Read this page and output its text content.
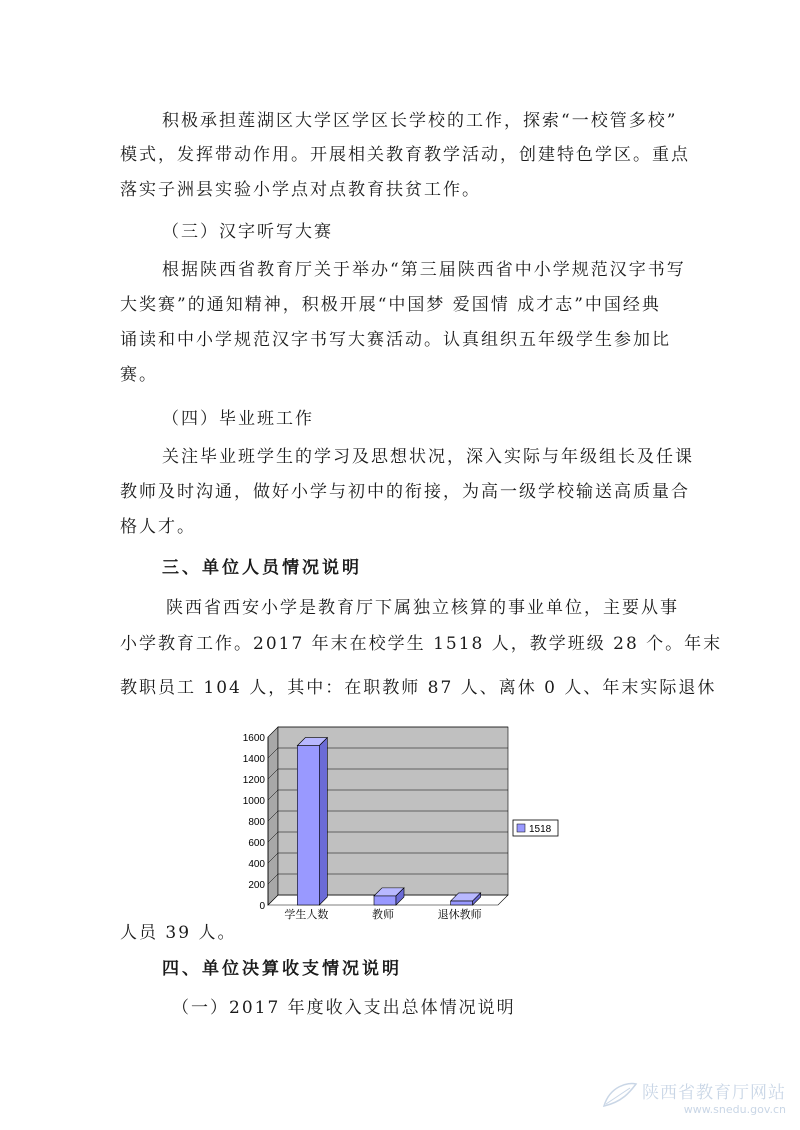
积极承担莲湖区大学区学区长学校的工作，探索“一校管多校”
模式，发挥带动作用。开展相关教育教学活动，创建特色学区。重点
落实子洲县实验小学点对点教育扶贫工作。
（三）汉字听写大赛
根据陕西省教育厅关于举办“第三届陕西省中小学规范汉字书写
大奖赛”的通知精神，积极开展“中国梦 爱国情 成才志”中国经典
诵读和中小学规范汉字书写大赛活动。认真组织五年级学生参加比
赛。
（四）毕业班工作
关注毕业班学生的学习及思想状况，深入实际与年级组长及任课
教师及时沟通，做好小学与初中的衔接，为高一级学校输送高质量合
格人才。
三、单位人员情况说明
陕西省西安小学是教育厅下属独立核算的事业单位，主要从事
小学教育工作。2017 年末在校学生 1518 人，教学班级 28 个。年末
教职员工 104 人，其中：在职教师 87 人、离休 0 人、年末实际退休
0
200
400
600
800
1000
1200
1400
1600
学生人数	教师	退休教师
1518
人员 39 人。
四、单位决算收支情况说明
（一）2017 年度收入支出总体情况说明
陕西省教育厅网站
www.snedu.gov.cn
